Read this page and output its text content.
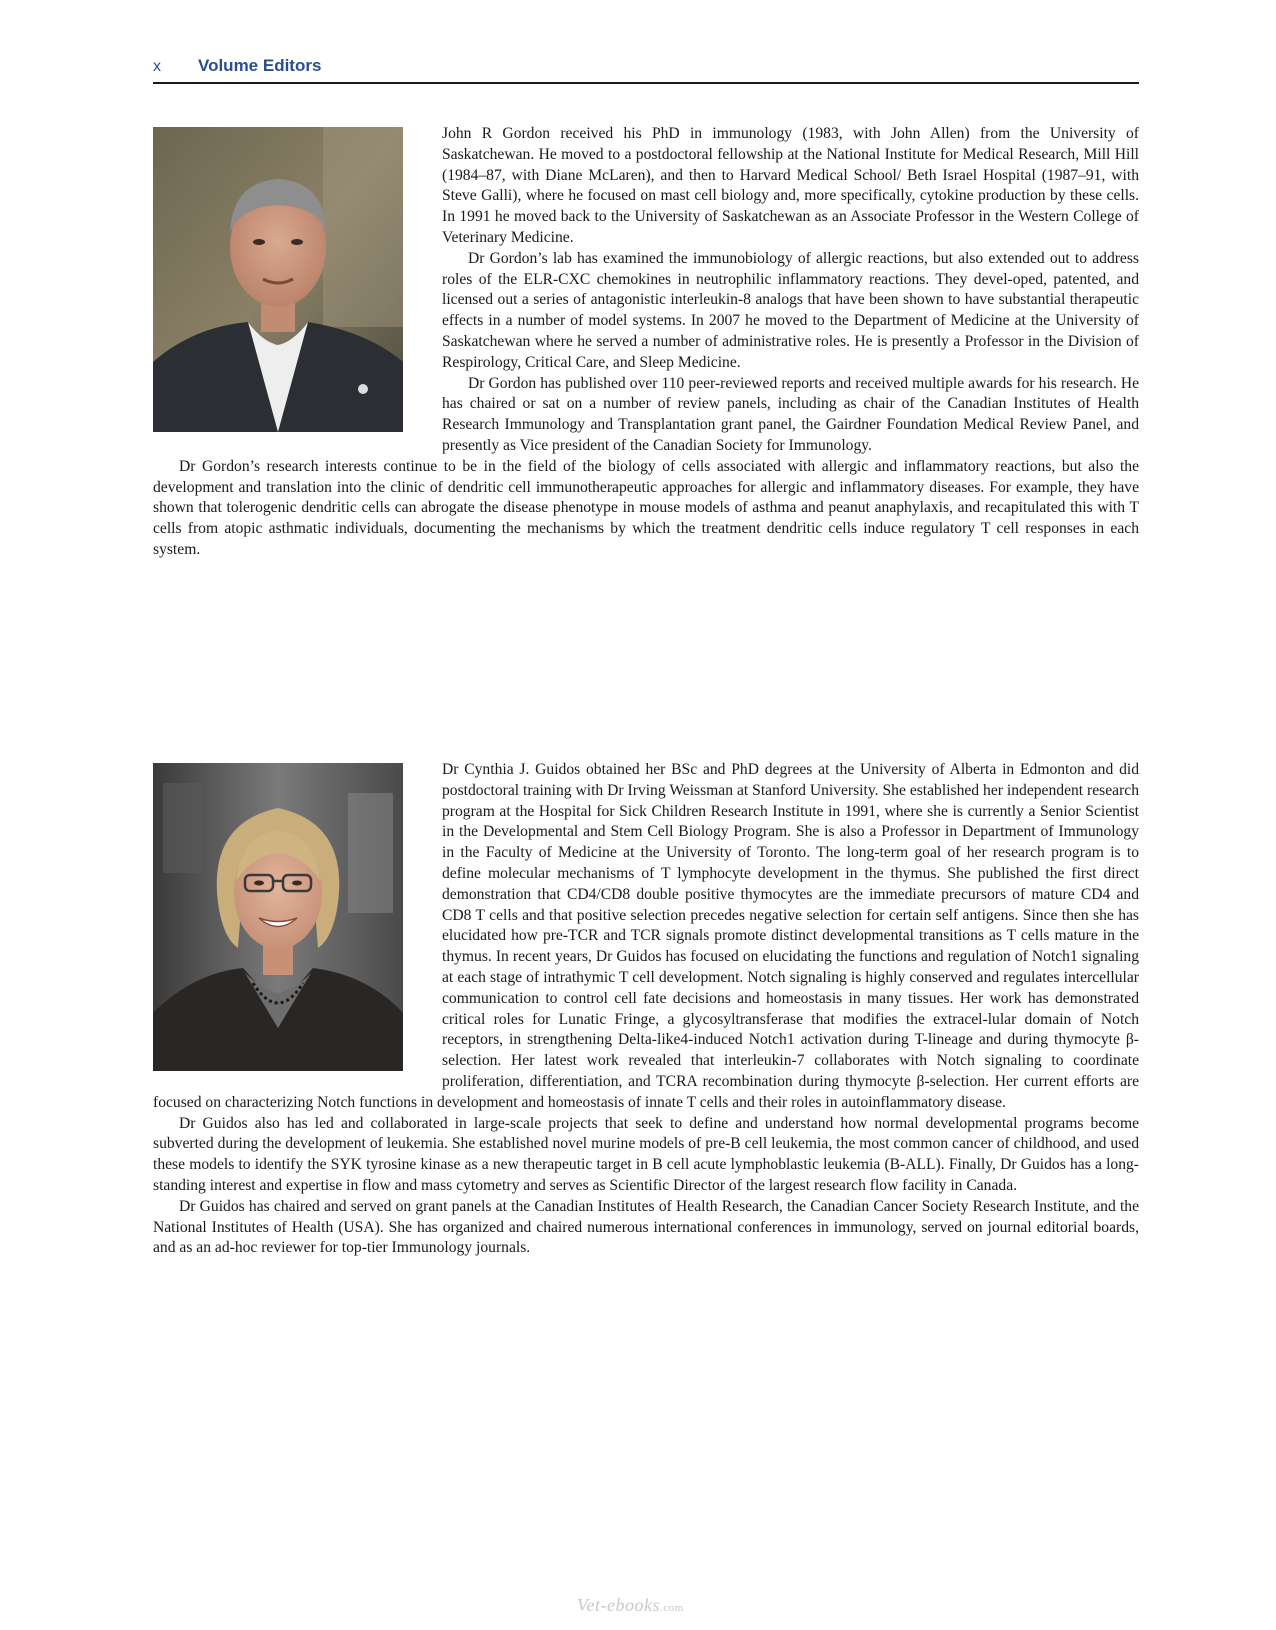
x Volume Editors

John R Gordon received his PhD in immunology (1983, with John Allen) from the University of Saskatchewan. He moved to a postdoctoral fellowship at the National Institute for Medical Research, Mill Hill (1984–87, with Diane McLaren), and then to Harvard Medical School/ Beth Israel Hospital (1987–91, with Steve Galli), where he focused on mast cell biology and, more specifically, cytokine production by these cells. In 1991 he moved back to the University of Saskatchewan as an Associate Professor in the Western College of Veterinary Medicine.

Dr Gordon’s lab has examined the immunobiology of allergic reactions, but also extended out to address roles of the ELR-CXC chemokines in neutrophilic inflammatory reactions. They devel-oped, patented, and licensed out a series of antagonistic interleukin-8 analogs that have been shown to have substantial therapeutic effects in a number of model systems. In 2007 he moved to the Department of Medicine at the University of Saskatchewan where he served a number of administrative roles. He is presently a Professor in the Division of Respirology, Critical Care, and Sleep Medicine.

Dr Gordon has published over 110 peer-reviewed reports and received multiple awards for his research. He has chaired or sat on a number of review panels, including as chair of the Canadian Institutes of Health Research Immunology and Transplantation grant panel, the Gairdner Foundation Medical Review Panel, and presently as Vice president of the Canadian Society for Immunology.

Dr Gordon’s research interests continue to be in the field of the biology of cells associated with allergic and inflammatory reactions, but also the development and translation into the clinic of dendritic cell immunotherapeutic approaches for allergic and inflammatory diseases. For example, they have shown that tolerogenic dendritic cells can abrogate the disease phenotype in mouse models of asthma and peanut anaphylaxis, and recapitulated this with T cells from atopic asthmatic individuals, documenting the mechanisms by which the treatment dendritic cells induce regulatory T cell responses in each system.

Dr Cynthia J. Guidos obtained her BSc and PhD degrees at the University of Alberta in Edmonton and did postdoctoral training with Dr Irving Weissman at Stanford University. She established her independent research program at the Hospital for Sick Children Research Institute in 1991, where she is currently a Senior Scientist in the Developmental and Stem Cell Biology Program. She is also a Professor in Department of Immunology in the Faculty of Medicine at the University of Toronto. The long-term goal of her research program is to define molecular mechanisms of T lymphocyte development in the thymus. She published the first direct demonstration that CD4/CD8 double positive thymocytes are the immediate precursors of mature CD4 and CD8 T cells and that positive selection precedes negative selection for certain self antigens. Since then she has elucidated how pre-TCR and TCR signals promote distinct developmental transitions as T cells mature in the thymus. In recent years, Dr Guidos has focused on elucidating the functions and regulation of Notch1 signaling at each stage of intrathymic T cell development. Notch signaling is highly conserved and regulates intercellular communication to control cell fate decisions and homeostasis in many tissues. Her work has demonstrated critical roles for Lunatic Fringe, a glycosyltransferase that modifies the extracel-lular domain of Notch receptors, in strengthening Delta-like4-induced Notch1 activation during T-lineage and during thymocyte β-selection. Her latest work revealed that interleukin-7 collaborates with Notch signaling to coordinate proliferation, differentiation, and TCRA recombination during thymocyte β-selection. Her current efforts are focused on characterizing Notch functions in development and homeostasis of innate T cells and their roles in autoinflammatory disease.

Dr Guidos also has led and collaborated in large-scale projects that seek to define and understand how normal developmental programs become subverted during the development of leukemia. She established novel murine models of pre-B cell leukemia, the most common cancer of childhood, and used these models to identify the SYK tyrosine kinase as a new therapeutic target in B cell acute lymphoblastic leukemia (B-ALL). Finally, Dr Guidos has a long-standing interest and expertise in flow and mass cytometry and serves as Scientific Director of the largest research flow facility in Canada.

Dr Guidos has chaired and served on grant panels at the Canadian Institutes of Health Research, the Canadian Cancer Society Research Institute, and the National Institutes of Health (USA). She has organized and chaired numerous international conferences in immunology, served on journal editorial boards, and as an ad-hoc reviewer for top-tier Immunology journals.

Vet-ebooks.com
